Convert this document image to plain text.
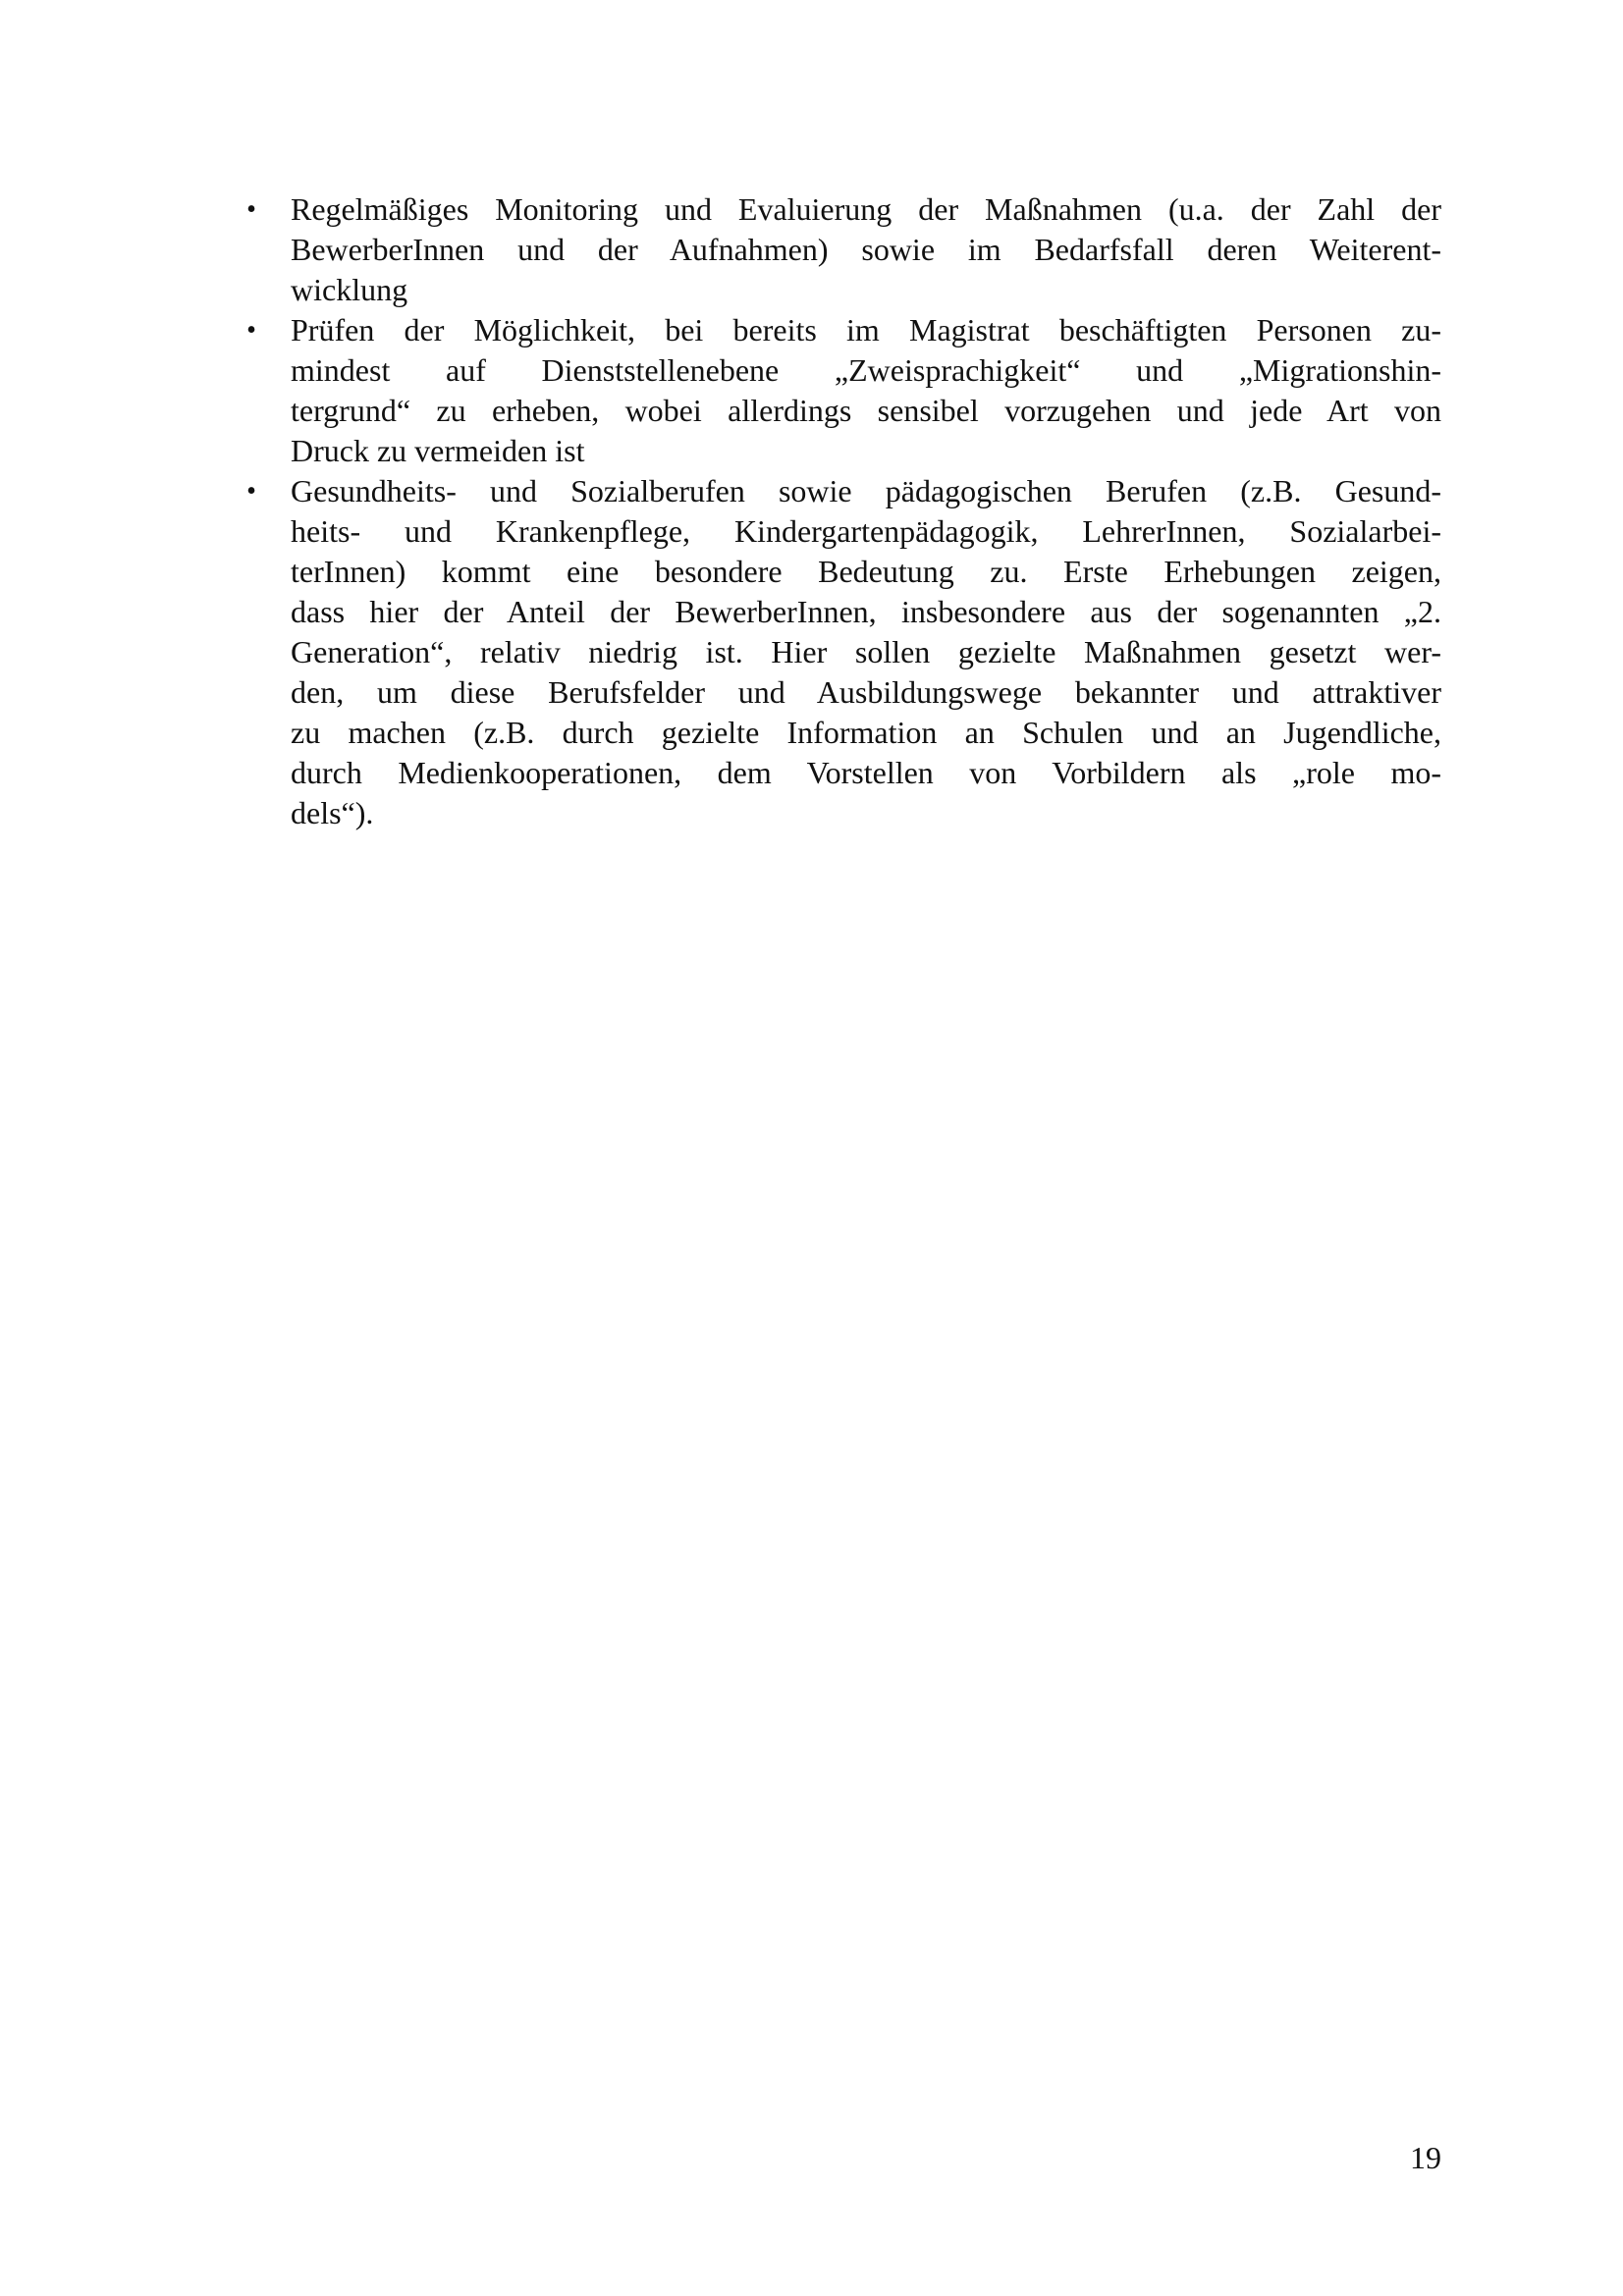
• Regelmäßiges Monitoring und Evaluierung der Maßnahmen (u.a. der Zahl der
BewerberInnen und der Aufnahmen) sowie im Bedarfsfall deren Weiterent-
wicklung
• Prüfen der Möglichkeit, bei bereits im Magistrat beschäftigten Personen zu-
mindest auf Dienststellenebene „Zweisprachigkeit“ und „Migrationshin-
tergrund“ zu erheben, wobei allerdings sensibel vorzugehen und jede Art von
Druck zu vermeiden ist
• Gesundheits- und Sozialberufen sowie pädagogischen Berufen (z.B. Gesund-
heits- und Krankenpflege, Kindergartenpädagogik, LehrerInnen, Sozialarbei-
terInnen) kommt eine besondere Bedeutung zu. Erste Erhebungen zeigen,
dass hier der Anteil der BewerberInnen, insbesondere aus der sogenannten „2.
Generation“, relativ niedrig ist. Hier sollen gezielte Maßnahmen gesetzt wer-
den, um diese Berufsfelder und Ausbildungswege bekannter und attraktiver
zu machen (z.B. durch gezielte Information an Schulen und an Jugendliche,
durch Medienkooperationen, dem Vorstellen von Vorbildern als „role mo-
dels“).
19
